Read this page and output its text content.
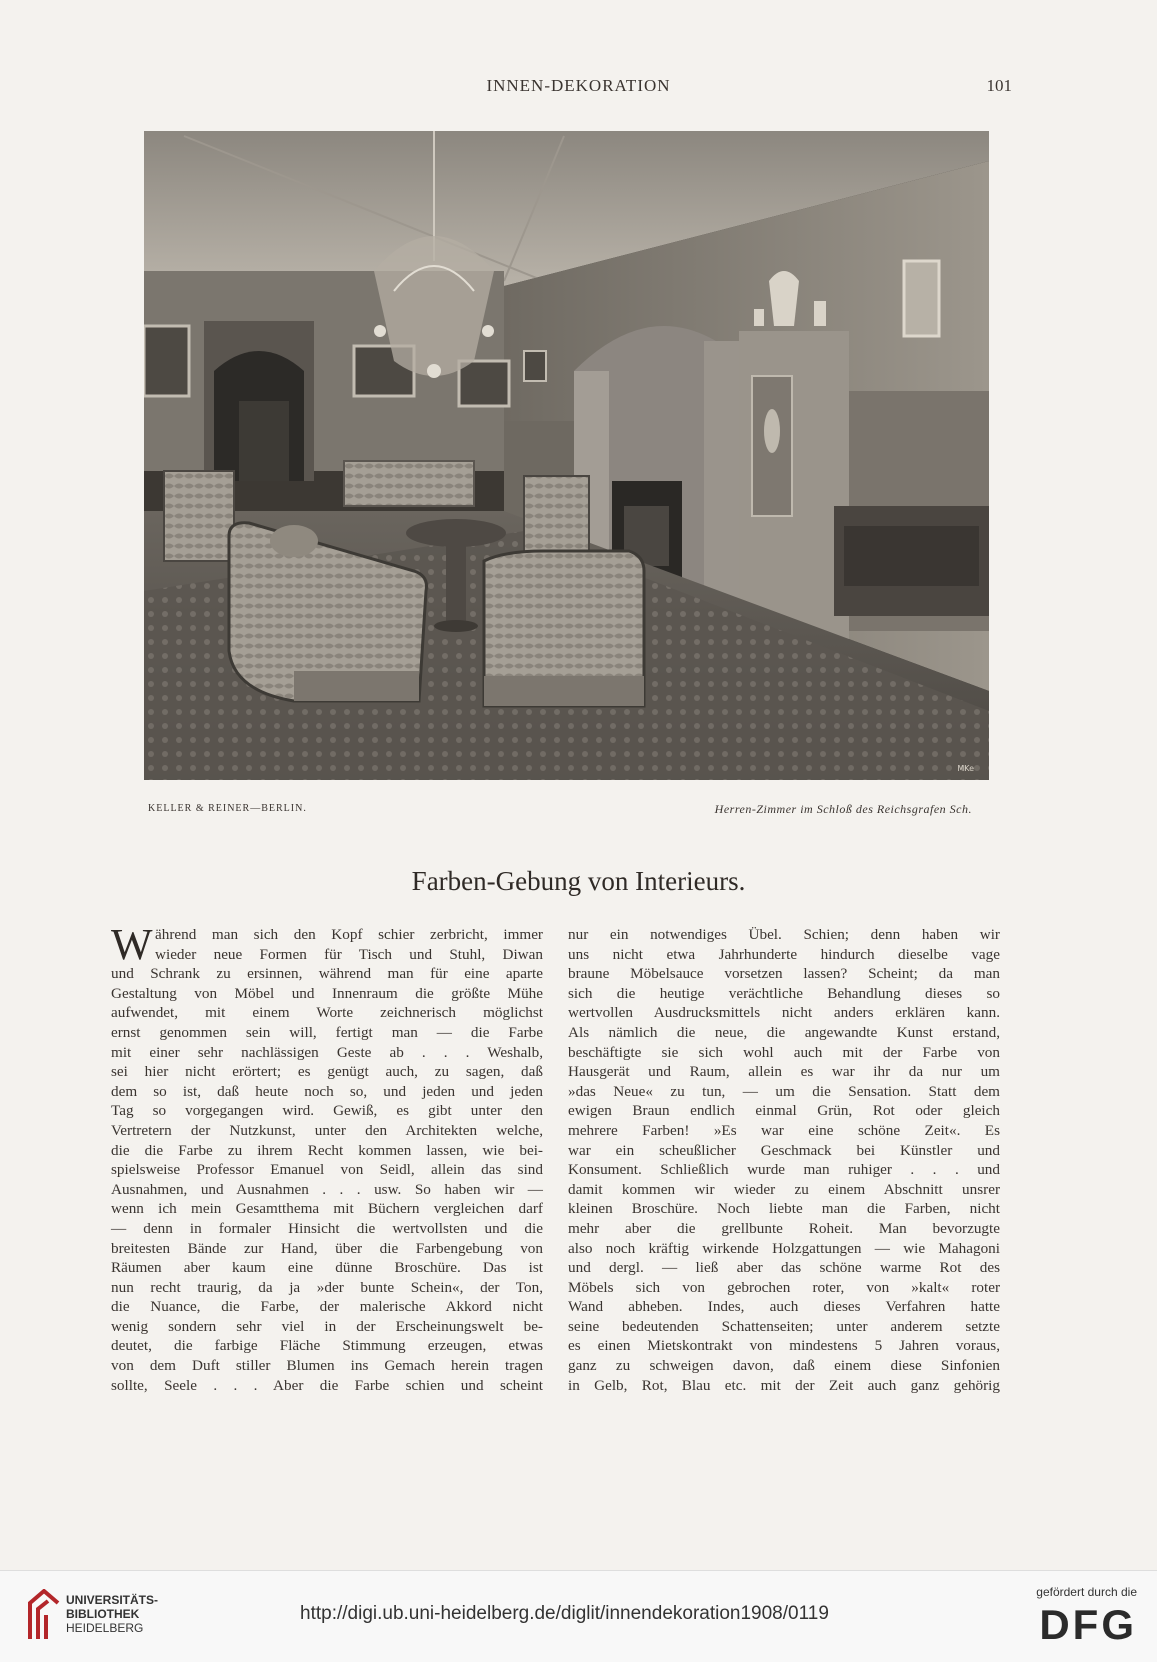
INNEN-DEKORATION	101
MKe
KELLER & REINER—BERLIN.	Herren-Zimmer im Schloß des Reichsgrafen Sch.
Farben-Gebung von Interieurs.
W ährend man sich den Kopf schier zerbricht, immer
wieder neue Formen für Tisch und Stuhl, Diwan
und Schrank zu ersinnen, während man für eine aparte
Gestaltung von Möbel und Innenraum die größte Mühe
aufwendet, mit einem Worte zeichnerisch möglichst
ernst genommen sein will, fertigt man — die Farbe
mit einer sehr nachlässigen Geste ab . . . Weshalb,
sei hier nicht erörtert; es genügt auch, zu sagen, daß
dem so ist, daß heute noch so, und jeden und jeden
Tag so vorgegangen wird. Gewiß, es gibt unter den
Vertretern der Nutzkunst, unter den Architekten welche,
die die Farbe zu ihrem Recht kommen lassen, wie bei-
spielsweise Professor Emanuel von Seidl, allein das sind
Ausnahmen, und Ausnahmen . . . usw. So haben wir —
wenn ich mein Gesamtthema mit Büchern vergleichen darf
— denn in formaler Hinsicht die wertvollsten und die
breitesten Bände zur Hand, über die Farbengebung von
Räumen aber kaum eine dünne Broschüre. Das ist
nun recht traurig, da ja »der bunte Schein«, der Ton,
die Nuance, die Farbe, der malerische Akkord nicht
wenig sondern sehr viel in der Erscheinungswelt be-
deutet, die farbige Fläche Stimmung erzeugen, etwas
von dem Duft stiller Blumen ins Gemach herein tragen
sollte, Seele . . . Aber die Farbe schien und scheint
nur ein notwendiges Übel. Schien; denn haben wir
uns nicht etwa Jahrhunderte hindurch dieselbe vage
braune Möbelsauce vorsetzen lassen? Scheint; da man
sich die heutige verächtliche Behandlung dieses so
wertvollen Ausdrucksmittels nicht anders erklären kann.
Als nämlich die neue, die angewandte Kunst erstand,
beschäftigte sie sich wohl auch mit der Farbe von
Hausgerät und Raum, allein es war ihr da nur um
»das Neue« zu tun, — um die Sensation. Statt dem
ewigen Braun endlich einmal Grün, Rot oder gleich
mehrere Farben! »Es war eine schöne Zeit«. Es
war ein scheußlicher Geschmack bei Künstler und
Konsument. Schließlich wurde man ruhiger . . . und
damit kommen wir wieder zu einem Abschnitt unsrer
kleinen Broschüre. Noch liebte man die Farben, nicht
mehr aber die grellbunte Roheit. Man bevorzugte
also noch kräftig wirkende Holzgattungen — wie Mahagoni
und dergl. — ließ aber das schöne warme Rot des
Möbels sich von gebrochen roter, von »kalt« roter
Wand abheben. Indes, auch dieses Verfahren hatte
seine bedeutenden Schattenseiten; unter anderem setzte
es einen Mietskontrakt von mindestens 5 Jahren voraus,
ganz zu schweigen davon, daß einem diese Sinfonien
in Gelb, Rot, Blau etc. mit der Zeit auch ganz gehörig
UNIVERSITÄTS-
BIBLIOTHEK
HEIDELBERG
http://digi.ub.uni-heidelberg.de/diglit/innendekoration1908/0119
gefördert durch die
DFG
